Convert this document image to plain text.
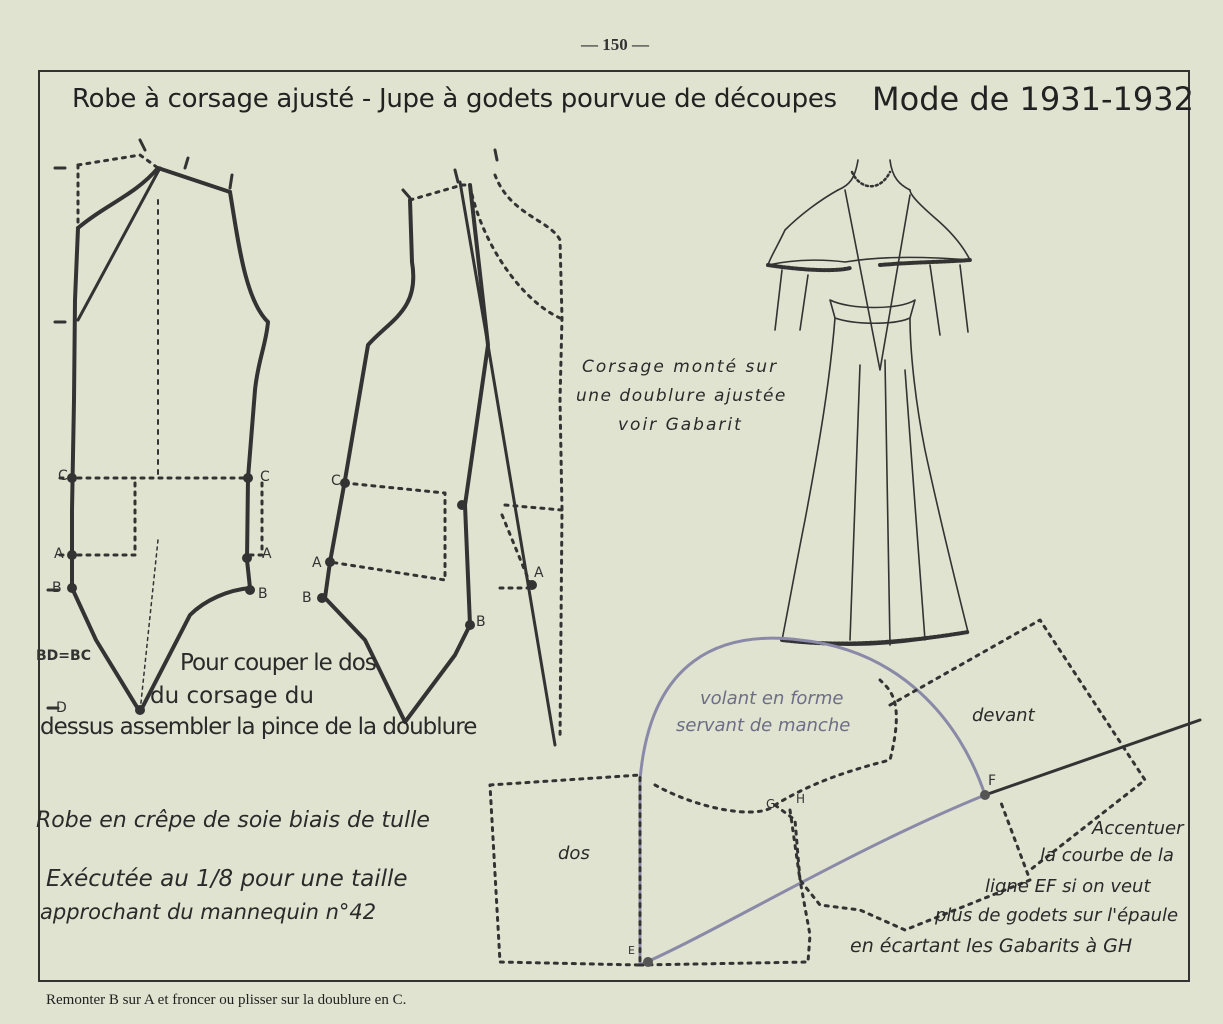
— 150 —
Robe à corsage ajusté - Jupe à godets pourvue de découpes Mode de 1931-1932
Corsage monté sur
une doublure ajustée
voir Gabarit
Pour couper le dos
du corsage du
dessus assembler la pince de la doublure
BD=BC
volant en forme
servant de manche	devant
dos
Robe en crêpe de soie biais de tulle
Exécutée au 1/8 pour une taille
approchant du mannequin n°42
Accentuer
la courbe de la
ligne EF si on veut
plus de godets sur l'épaule
en écartant les Gabarits à GH
C	C
A	A
B	B
D
C
A
B
B
A
E
F
G H
Remonter B sur A et froncer ou plisser sur la doublure en C.
